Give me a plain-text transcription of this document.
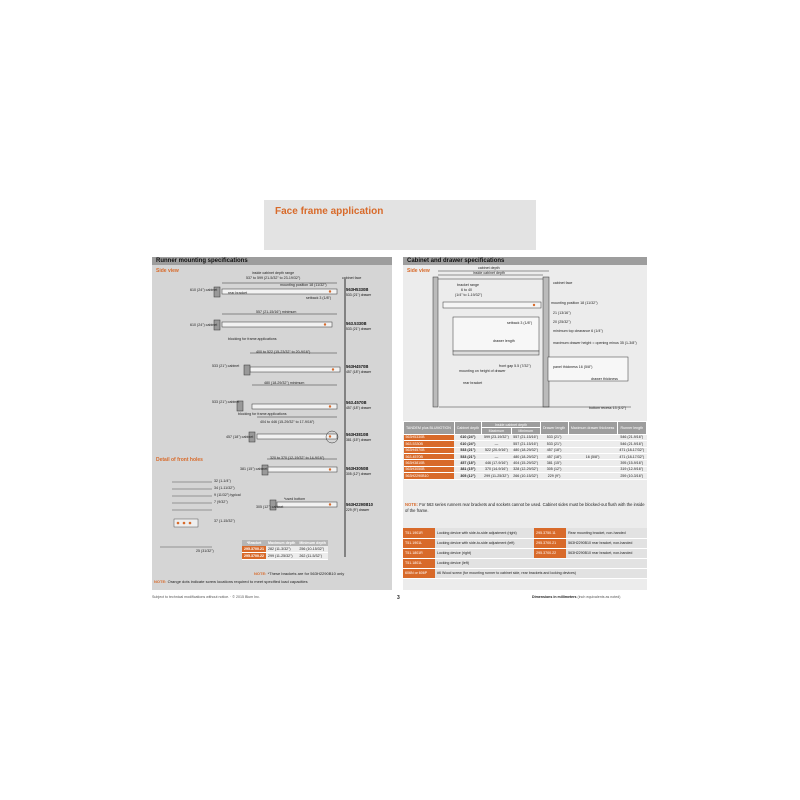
Face frame application
Runner mounting specifications
Side view	inside cabinet depth range
537 to 599 (21-5/32" to 23-19/32")
mounting position 18 (11/32")
rear bracket
setback 3 (1/8")
cabinet face
610 (24") cabinet
557 (21-15/16") minimum
610 (24") cabinet
blocking for frame applications
400 to 522 (15-23/32" to 20-9/16")
533 (21") cabinet
480 (18-29/32") minimum
533 (21") cabinet
blocking for frame applications
404 to 446 (15-29/32" to 17-9/16")
457 (18") cabinet
320 to 370 (12-19/32" to 14-9/16")
381 (15") cabinet
305 (12") cabinet
*used bottom
563H5330B
533 (21") drawer
563.5330B
533 (21") drawer
563H4570B
457 (18") drawer
563.4570B
457 (18") drawer
563H3810B
381 (15") drawer
563H3050B
305 (12") drawer
563H2290B10
229 (9") drawer
Detail of front holes
32 (1-1/4")
34 (1-11/32")
9 (11/32") typical
7 (9/32")
37 (1-15/32")
25 (31/32")
*Bracket	Maximum depth	Minimum depth
295.3700.21	282 (11-3/32")	256 (10-15/32")
295.3700.22	299 (11-25/32")	262 (11-5/32")
NOTE: *These brackets are for 563H2290B10 only
NOTE: Orange dots indicate screw locations required to meet specified load capacities
Cabinet and drawer specifications
Side view	cabinet depth
inside cabinet depth
cabinet face
bracket range
6 to 40
(1/4" to 1-19/32")
mounting position 18 (11/32")
setback 3 (1/8")
21 (13/16")
20 (25/32")
minimum top clearance 6 (1/4")
maximum drawer height = opening minus 35 (1-3/8")
drawer length
front gap 5.5 (7/32")	panel thickness 16 (5/8")
drawer thickness
bottom recess 13 (1/2")
mounting on height of drawer
rear bracket
TANDEM plus BLUMOTION	Cabinet depth	Inside cabinet depth		Drawer length	Maximum drawer thickness	Runner length
		Maximum	Minimum			
563H5330B	610 (24")	599 (23-19/32")	557 (21-15/16")	533 (21")		546 (21-9/16")
563.5330B	610 (24")	—	557 (21-15/16")	533 (21")		546 (21-9/16")
563H4570B	533 (21")	522 (20-9/16")	480 (18-29/32")	457 (18")		471 (18-17/32")
563.4570B	533 (21")	—	480 (18-29/32")	457 (18")	16 (5/8")	471 (18-17/32")
563H3810B	457 (18")	446 (17-9/16")	404 (15-29/32")	381 (15")		395 (15-9/16")
563H3050B	381 (15")	370 (14-9/16")	328 (12-29/32")	305 (12")		319 (12-9/16")
563H2290B10	305 (12")	299 (11-25/32")	266 (10-15/32")	229 (9")		259 (10-3/16")
NOTE: For 563 series runners rear brackets and sockets cannot be used. Cabinet sides must be blocked-out flush with the inside of the frame.
T51.1901R	Locking device with side-to-side adjustment (right)	295.3750.11	Rear mounting bracket, non-handed
T51.1901L	Locking device with side-to-side adjustment (left)	295.3700.21	563H2290B10 rear bracket, non-handed
T51.1801R	Locking device (right)	295.3700.22	563H2290B10 rear bracket, non-handed
T51.1801L	Locking device (left)		
606N or 606P	#6 Wood screw (for mounting runner to cabinet side, rear brackets and locking devices)		
Subject to technical modifications without notice. · © 2015 Blum Inc.	3	Dimensions in millimeters (inch equivalents as noted)
